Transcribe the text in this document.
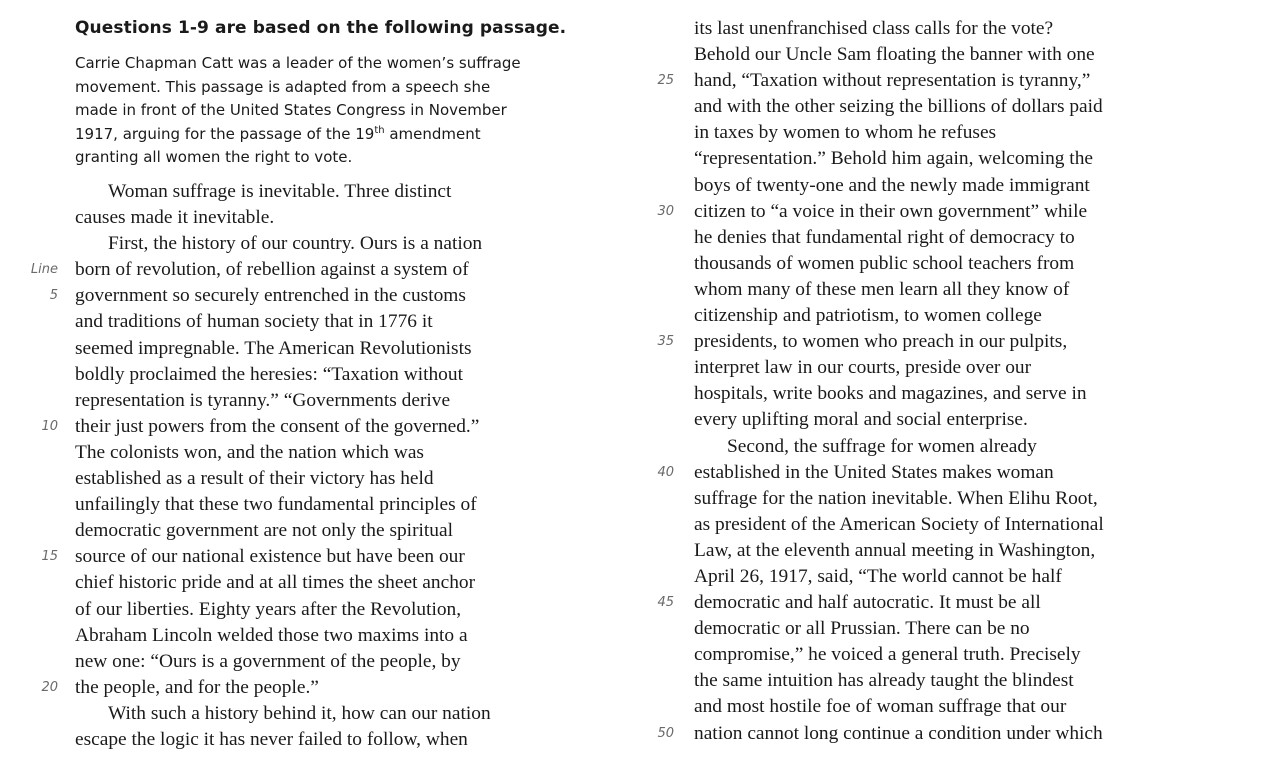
Questions 1-9 are based on the following passage.
Carrie Chapman Catt was a leader of the women’s suffrage
movement. This passage is adapted from a speech she
made in front of the United States Congress in November
1917, arguing for the passage of the 19th amendment
granting all women the right to vote.
Woman suffrage is inevitable. Three distinct
causes made it inevitable.
First, the history of our country. Ours is a nation
Line born of revolution, of rebellion against a system of
5 government so securely entrenched in the customs
and traditions of human society that in 1776 it
seemed impregnable. The American Revolutionists
boldly proclaimed the heresies: “Taxation without
representation is tyranny.” “Governments derive
10 their just powers from the consent of the governed.”
The colonists won, and the nation which was
established as a result of their victory has held
unfailingly that these two fundamental principles of
democratic government are not only the spiritual
15 source of our national existence but have been our
chief historic pride and at all times the sheet anchor
of our liberties. Eighty years after the Revolution,
Abraham Lincoln welded those two maxims into a
new one: “Ours is a government of the people, by
20 the people, and for the people.”
With such a history behind it, how can our nation
escape the logic it has never failed to follow, when
its last unenfranchised class calls for the vote?
Behold our Uncle Sam floating the banner with one
25 hand, “Taxation without representation is tyranny,”
and with the other seizing the billions of dollars paid
in taxes by women to whom he refuses
“representation.” Behold him again, welcoming the
boys of twenty-one and the newly made immigrant
30 citizen to “a voice in their own government” while
he denies that fundamental right of democracy to
thousands of women public school teachers from
whom many of these men learn all they know of
citizenship and patriotism, to women college
35 presidents, to women who preach in our pulpits,
interpret law in our courts, preside over our
hospitals, write books and magazines, and serve in
every uplifting moral and social enterprise.
Second, the suffrage for women already
40 established in the United States makes woman
suffrage for the nation inevitable. When Elihu Root,
as president of the American Society of International
Law, at the eleventh annual meeting in Washington,
April 26, 1917, said, “The world cannot be half
45 democratic and half autocratic. It must be all
democratic or all Prussian. There can be no
compromise,” he voiced a general truth. Precisely
the same intuition has already taught the blindest
and most hostile foe of woman suffrage that our
50 nation cannot long continue a condition under which
